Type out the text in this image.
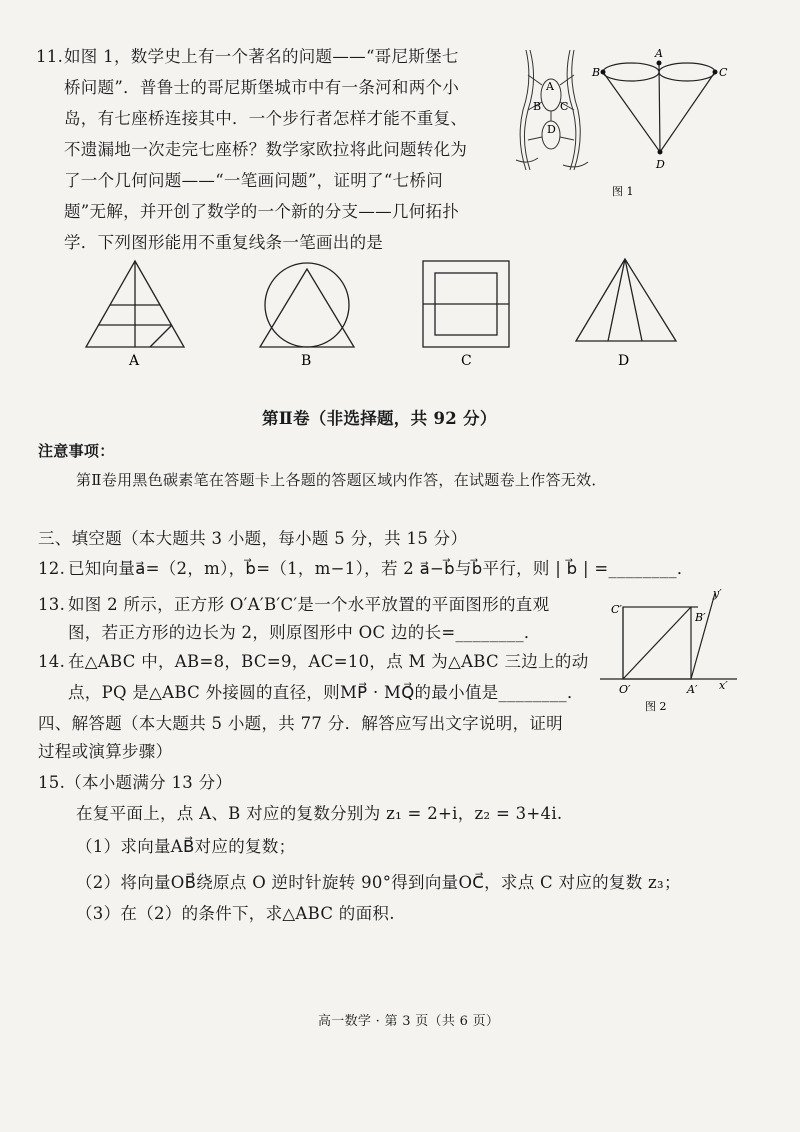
11. 如图 1，数学史上有一个著名的问题——“哥尼斯堡七
桥问题”．普鲁士的哥尼斯堡城市中有一条河和两个小
岛，有七座桥连接其中．一个步行者怎样才能不重复、
不遗漏地一次走完七座桥？数学家欧拉将此问题转化为
了一个几何问题——“一笔画问题”，证明了“七桥问
题”无解，并开创了数学的一个新的分支——几何拓扑
学．下列图形能用不重复线条一笔画出的是
A
B C
D
A
B	C
D
图 1
A	B	C	D
第Ⅱ卷（非选择题，共 92 分）
注意事项：
第Ⅱ卷用黑色碳素笔在答题卡上各题的答题区域内作答，在试题卷上作答无效．
三、填空题（本大题共 3 小题，每小题 5 分，共 15 分）
12. 已知向量a⃗=（2，m），b⃗=（1，m−1），若 2 a⃗−b⃗与b⃗平行，则 | b⃗ | =________．
13. 如图 2 所示，正方形 O′A′B′C′是一个水平放置的平面图形的直观
图，若正方形的边长为 2，则原图形中 OC 边的长=________．
C′
B′
O′	A′ x′
y′
图 2
14. 在△ABC 中，AB=8，BC=9，AC=10，点 M 为△ABC 三边上的动
点，PQ 是△ABC 外接圆的直径，则MP⃗ · MQ⃗的最小值是________．
四、解答题（本大题共 5 小题，共 77 分．解答应写出文字说明，证明
过程或演算步骤）
15.（本小题满分 13 分）
在复平面上，点 A、B 对应的复数分别为 z₁ = 2+i，z₂ = 3+4i.
（1）求向量AB⃗对应的复数；
（2）将向量OB⃗绕原点 O 逆时针旋转 90°得到向量OC⃗，求点 C 对应的复数 z₃；
（3）在（2）的条件下，求△ABC 的面积.
高一数学 · 第 3 页（共 6 页）
